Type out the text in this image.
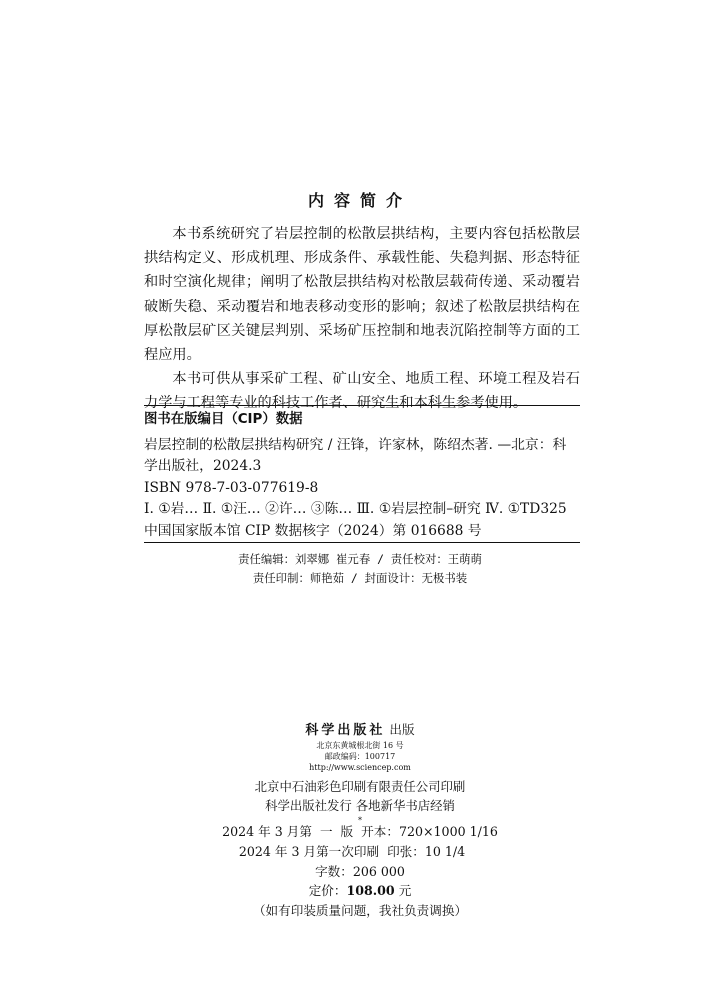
内容简介

本书系统研究了岩层控制的松散层拱结构，主要内容包括松散层拱结构定义、形成机理、形成条件、承载性能、失稳判据、形态特征和时空演化规律；阐明了松散层拱结构对松散层载荷传递、采动覆岩破断失稳、采动覆岩和地表移动变形的影响；叙述了松散层拱结构在厚松散层矿区关键层判别、采场矿压控制和地表沉陷控制等方面的工程应用。

本书可供从事采矿工程、矿山安全、地质工程、环境工程及岩石力学与工程等专业的科技工作者、研究生和本科生参考使用。

图书在版编目（CIP）数据
岩层控制的松散层拱结构研究 / 汪锋，许家林，陈绍杰著. —北京：科学出版社，2024.3
ISBN 978-7-03-077619-8
Ⅰ. ①岩… Ⅱ. ①汪… ②许… ③陈… Ⅲ. ①岩层控制–研究 Ⅳ. ①TD325
中国国家版本馆 CIP 数据核字（2024）第 016688 号
责任编辑：刘翠娜 崔元春 / 责任校对：王萌萌
责任印制：师艳茹 / 封面设计：无极书装
科学出版社 出版
北京东黄城根北街 16 号
邮政编码：100717
http://www.sciencep.com
北京中石油彩色印刷有限责任公司印刷
科学出版社发行 各地新华书店经销
*
2024 年 3 月第  一  版 开本：720×1000 1/16
2024 年 3 月第一次印刷 印张：10 1/4
字数：206 000
定价：108.00 元
（如有印装质量问题，我社负责调换）
